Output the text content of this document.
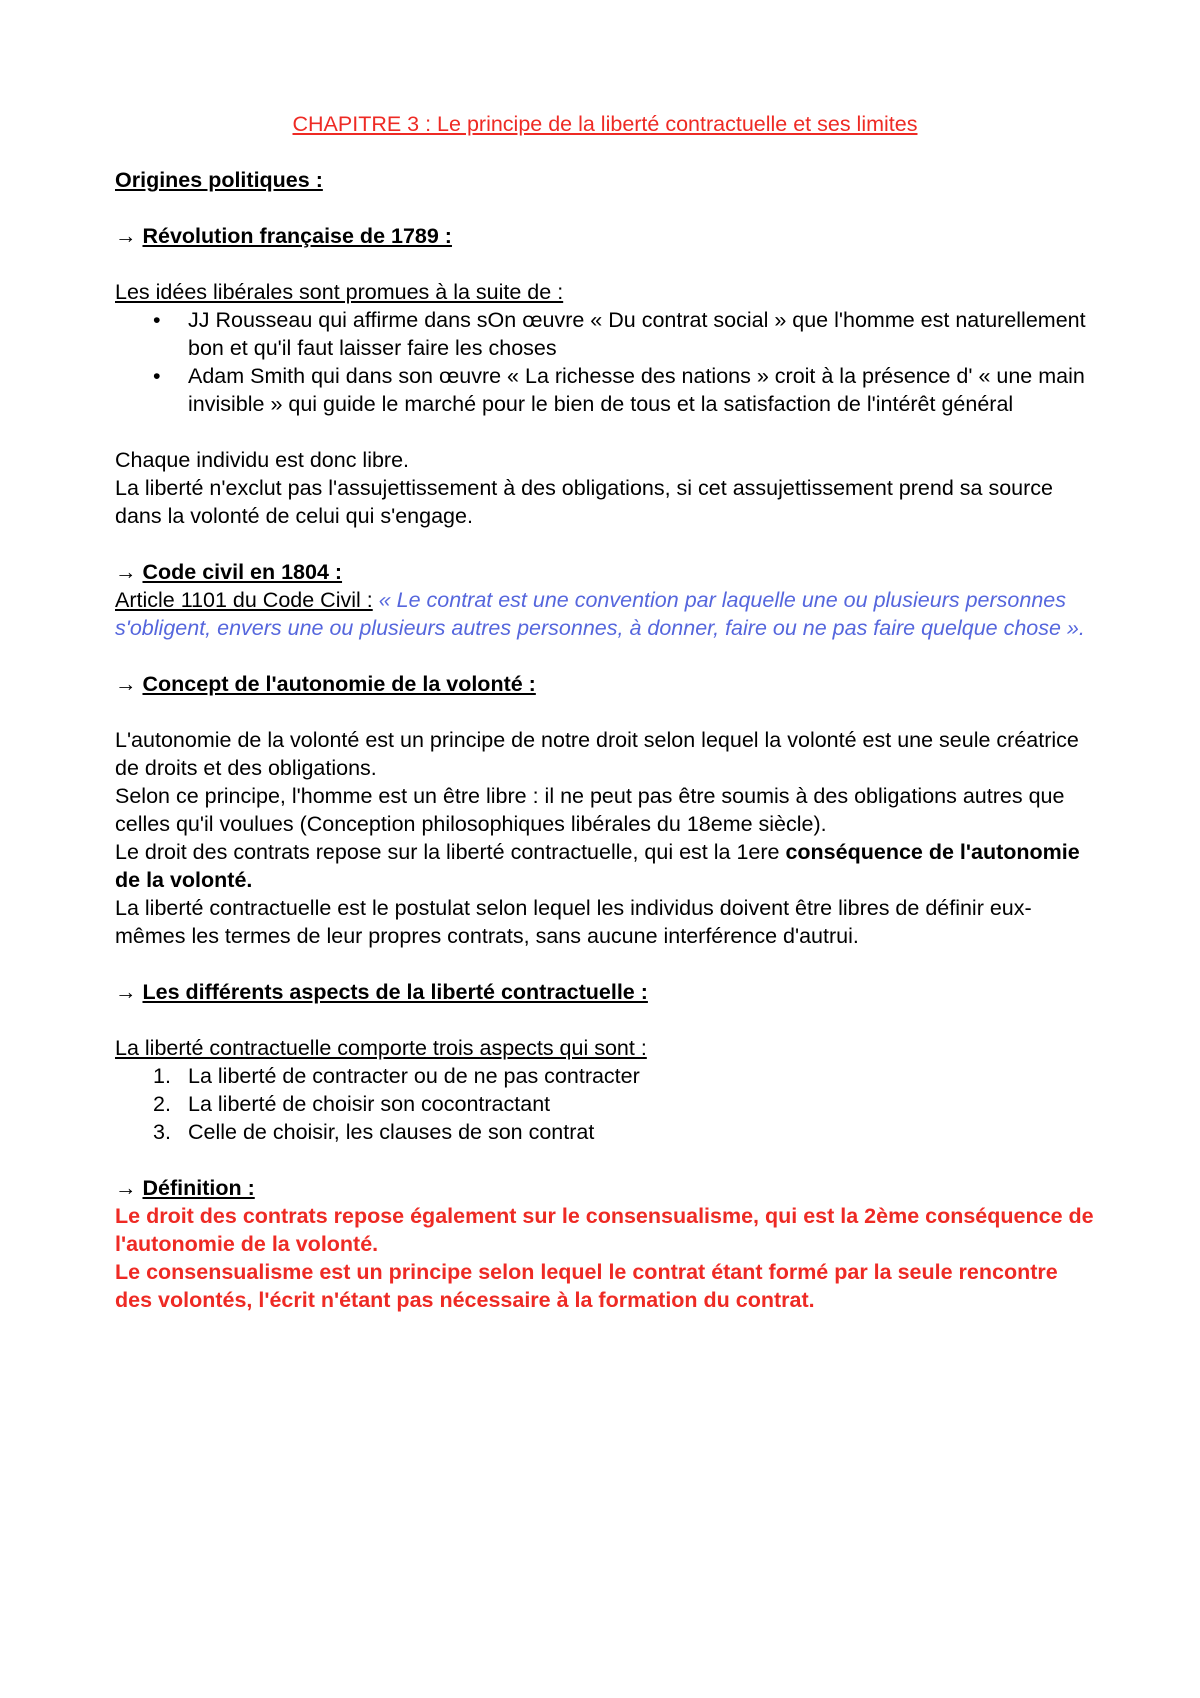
CHAPITRE 3 : Le principe de la liberté contractuelle et ses limites

Origines politiques :

→ Révolution française de 1789 :

Les idées libérales sont promues à la suite de :

• JJ Rousseau qui affirme dans sOn œuvre « Du contrat social » que l'homme est naturellement bon et qu'il faut laisser faire les choses
• Adam Smith qui dans son œuvre « La richesse des nations » croit à la présence d' « une main invisible » qui guide le marché pour le bien de tous et la satisfaction de l'intérêt général

Chaque individu est donc libre.

La liberté n'exclut pas l'assujettissement à des obligations, si cet assujettissement prend sa source dans la volonté de celui qui s'engage.

→ Code civil en 1804 :

Article 1101 du Code Civil : « Le contrat est une convention par laquelle une ou plusieurs personnes s'obligent, envers une ou plusieurs autres personnes, à donner, faire ou ne pas faire quelque chose ».

→ Concept de l'autonomie de la volonté :

L'autonomie de la volonté est un principe de notre droit selon lequel la volonté est une seule créatrice de droits et des obligations.

Selon ce principe, l'homme est un être libre : il ne peut pas être soumis à des obligations autres que celles qu'il voulues (Conception philosophiques libérales du 18eme siècle).

Le droit des contrats repose sur la liberté contractuelle, qui est la 1ere conséquence de l'autonomie de la volonté.

La liberté contractuelle est le postulat selon lequel les individus doivent être libres de définir eux-mêmes les termes de leur propres contrats, sans aucune interférence d'autrui.

→ Les différents aspects de la liberté contractuelle :

La liberté contractuelle comporte trois aspects qui sont :

1. La liberté de contracter ou de ne pas contracter
2. La liberté de choisir son cocontractant
3. Celle de choisir, les clauses de son contrat

→ Définition :

Le droit des contrats repose également sur le consensualisme, qui est la 2ème conséquence de l'autonomie de la volonté.

Le consensualisme est un principe selon lequel le contrat étant formé par la seule rencontre des volontés, l'écrit n'étant pas nécessaire à la formation du contrat.
